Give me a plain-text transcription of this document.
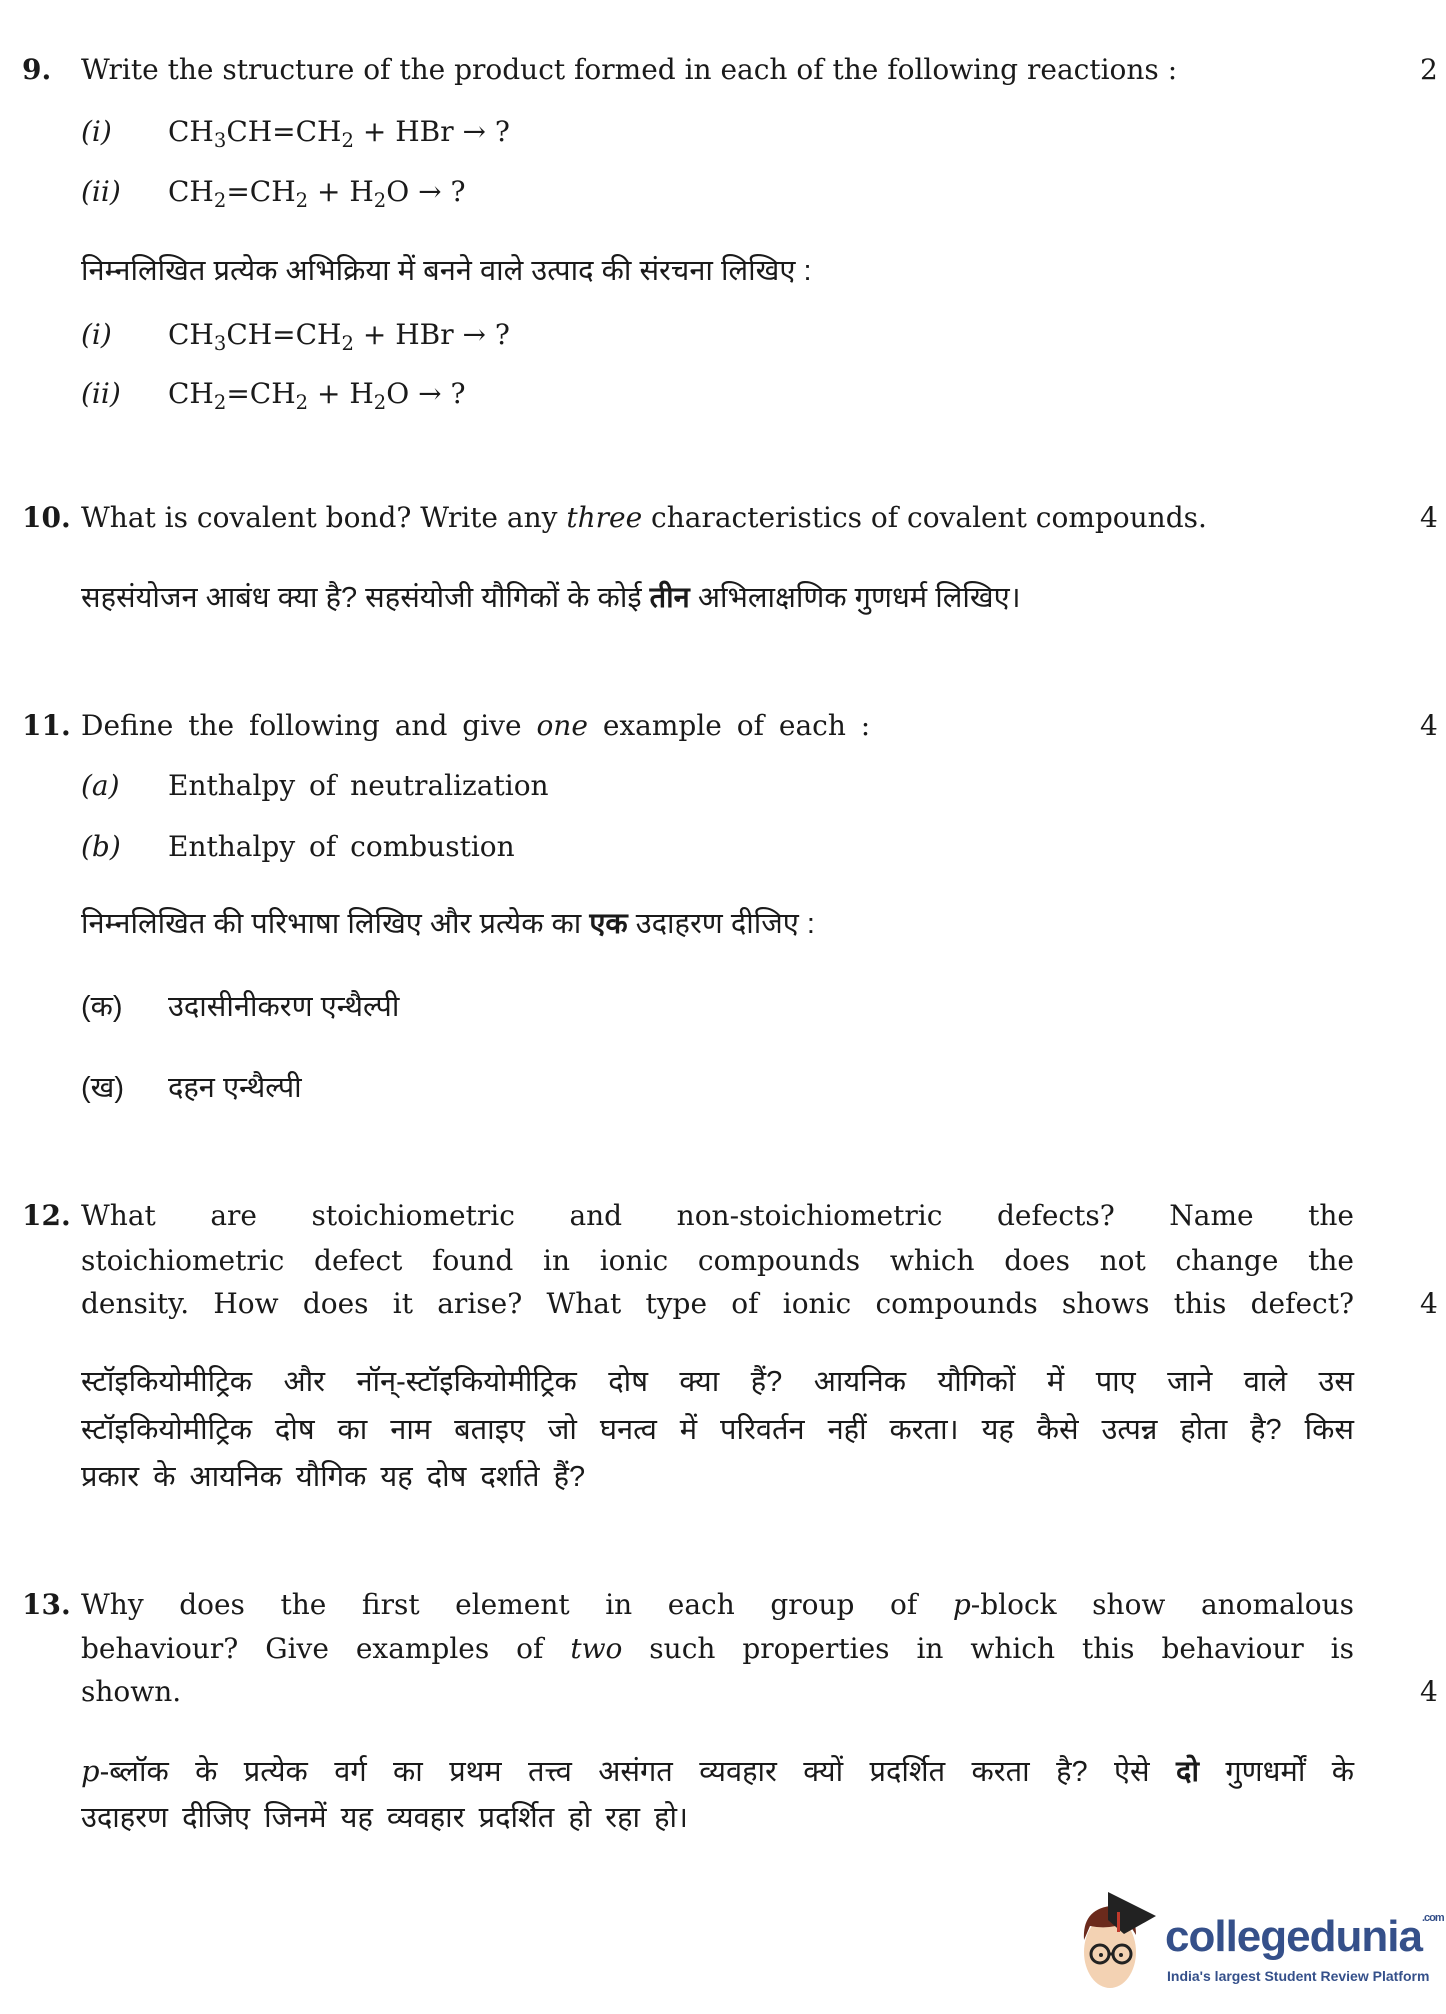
9. Write the structure of the product formed in each of the following reactions :	2
(i) $CH_3CH=CH_2$ + HBr → ?
(ii) $CH_2=CH_2 + H_2O$ → ?
निम्नलिखित प्रत्येक अभिक्रिया में बनने वाले उत्पाद की संरचना लिखिए :
(i) $CH_3CH=CH_2$ + HBr → ?
(ii) $CH_2=CH_2 + H_2O$ → ?
10. What is covalent bond? Write any three characteristics of covalent compounds.	4
सहसंयोजन आबंध क्या है? सहसंयोजी यौगिकों के कोई तीन अभिलाक्षणिक गुणधर्म लिखिए।
11. Define the following and give one example of each :	4
(a) Enthalpy of neutralization
(b) Enthalpy of combustion
निम्नलिखित की परिभाषा लिखिए और प्रत्येक का एक उदाहरण दीजिए :
(क) उदासीनीकरण एन्थैल्पी
(ख) दहन एन्थैल्पी
12. What are stoichiometric and non-stoichiometric defects? Name the
stoichiometric defect found in ionic compounds which does not change the
density. How does it arise? What type of ionic compounds shows this defect? 4
स्टॉइकियोमीट्रिक और नॉन्-स्टॉइकियोमीट्रिक दोष क्या हैं? आयनिक यौगिकों में पाए जाने वाले उस
स्टॉइकियोमीट्रिक दोष का नाम बताइए जो घनत्व में परिवर्तन नहीं करता। यह कैसे उत्पन्न होता है? किस
प्रकार के आयनिक यौगिक यह दोष दर्शाते हैं?
13. Why does the first element in each group of p-block show anomalous
behaviour? Give examples of two such properties in which this behaviour is
shown.	4
p-ब्लॉक के प्रत्येक वर्ग का प्रथम तत्त्व असंगत व्यवहार क्यों प्रदर्शित करता है? ऐसे दो गुणधर्मों के
उदाहरण दीजिए जिनमें यह व्यवहार प्रदर्शित हो रहा हो।
collegedunia$^{.com}$
India's largest Student Review Platform
